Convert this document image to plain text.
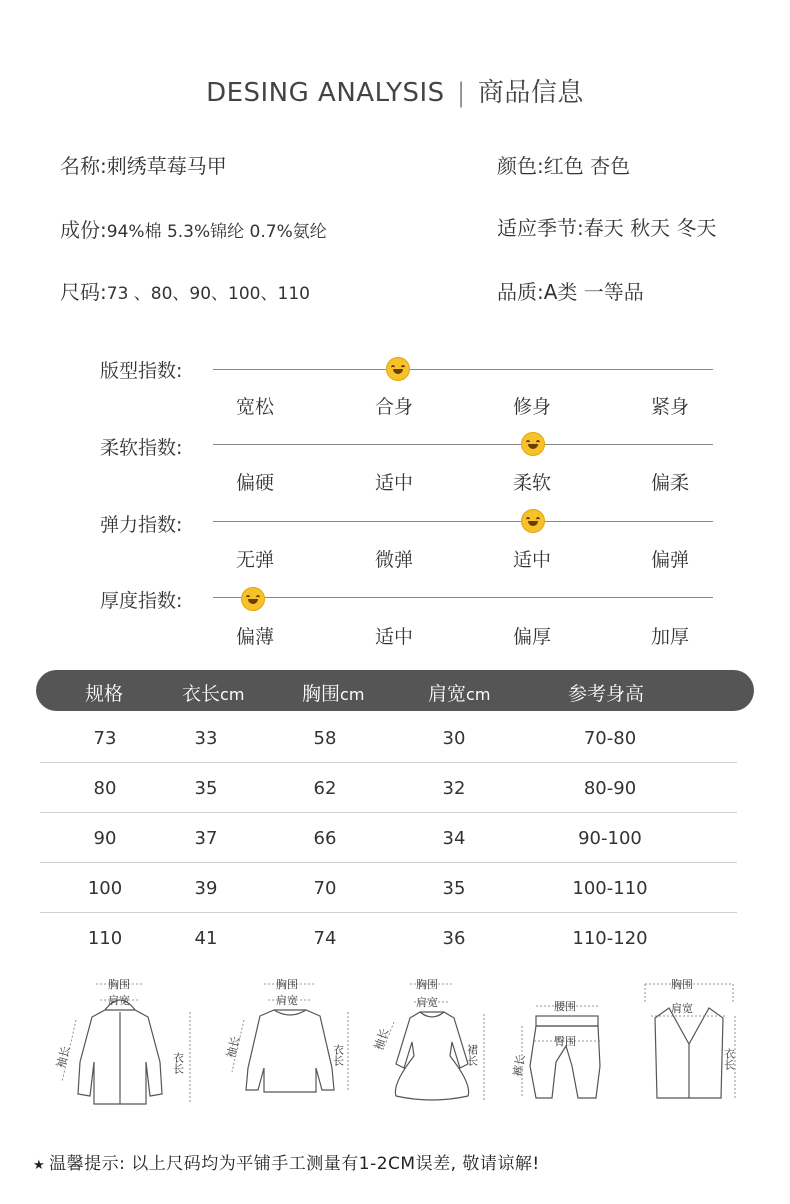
DESING ANALYSIS | 商品信息
名称:刺绣草莓马甲	颜色:红色 杏色
成份:94%棉 5.3%锦纶 0.7%氨纶	适应季节:春天 秋天 冬天
尺码:73 、80、90、100、110	品质:A类 一等品
版型指数:
宽松	合身	修身	紧身
柔软指数:
偏硬	适中	柔软	偏柔
弹力指数:
无弹	微弹	适中	偏弹
厚度指数:
偏薄	适中	偏厚	加厚
规格	衣长cm	胸围cm	肩宽cm	参考身高
73	33	58	30	70-80
80	35	62	32	80-90
90	37	66	34	90-100
100	39	70	35	100-110
110	41	74	36	110-120
胸围
肩宽
袖长	衣长
胸围
肩宽
袖长	衣长
胸围
肩宽
袖长
裙长
腰围
臀围
裤长
胸围
肩宽
衣长
★ 温馨提示: 以上尺码均为平铺手工测量有1-2CM误差, 敬请谅解!
